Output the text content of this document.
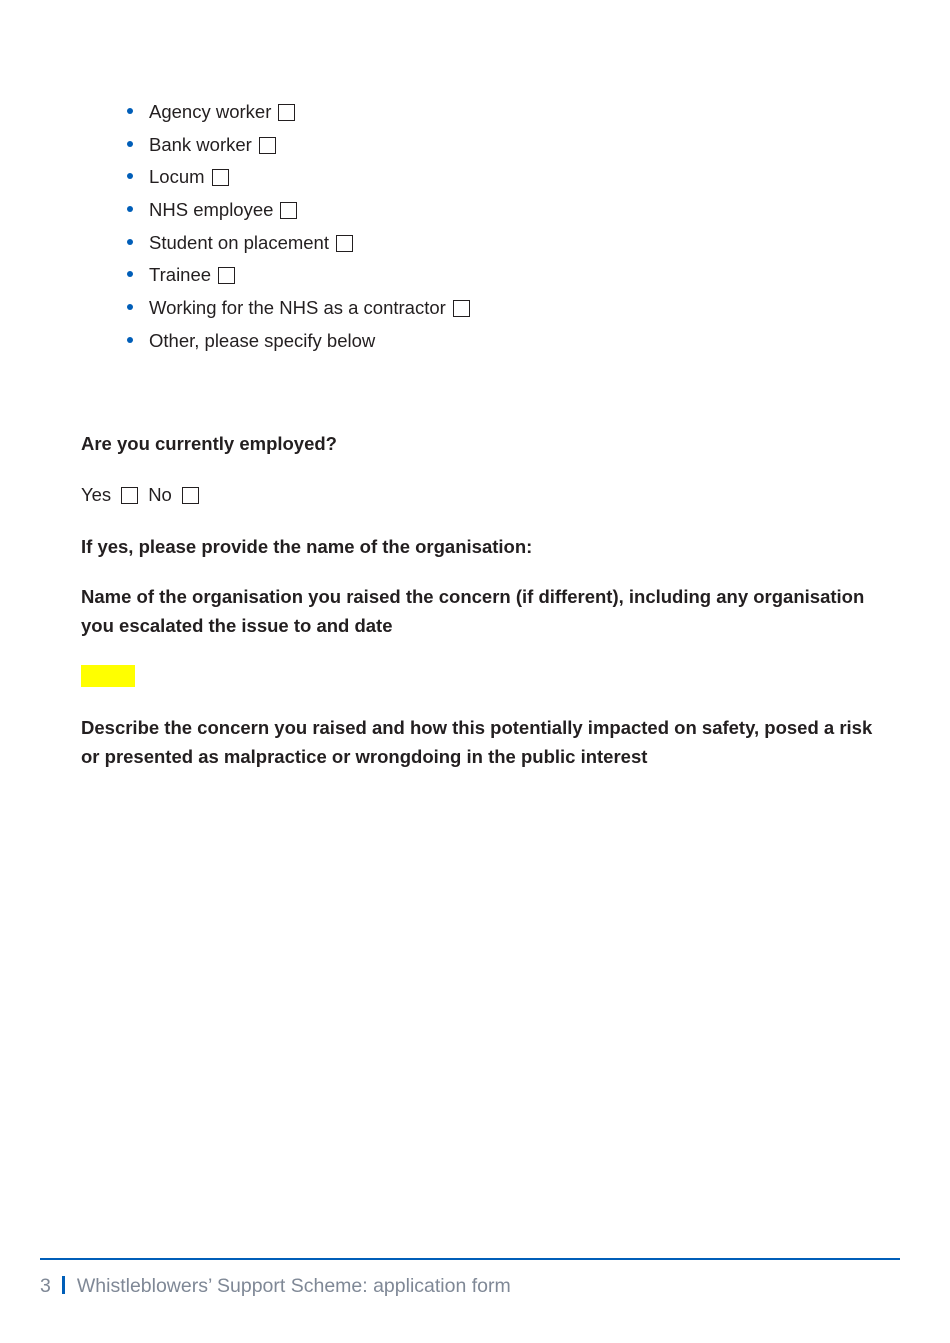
Agency worker
Bank worker
Locum
NHS employee
Student on placement
Trainee
Working for the NHS as a contractor
Other, please specify below

Are you currently employed?

Yes No

If yes, please provide the name of the organisation:

Name of the organisation you raised the concern (if different), including any organisation you escalated the issue to and date

Describe the concern you raised and how this potentially impacted on safety, posed a risk or presented as malpractice or wrongdoing in the public interest

3 Whistleblowers’ Support Scheme: application form
